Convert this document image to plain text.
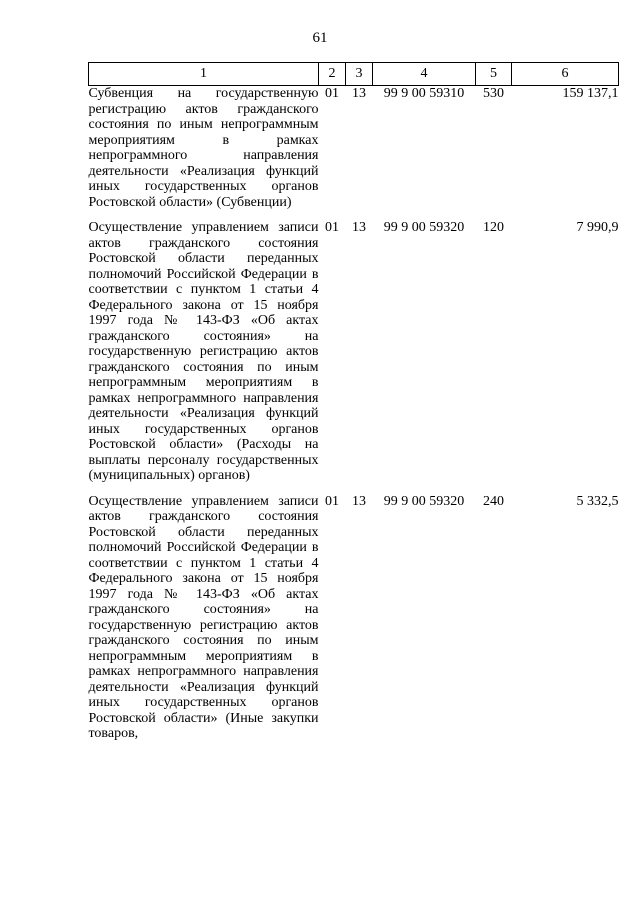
61
1	2	3	4	5	6
Субвенция на государственную регистрацию актов гражданского состояния по иным непрограммным мероприятиям в рамках непрограммного направления деятельности «Реализация функций иных государственных органов Ростовской области» (Субвенции)	01	13	99 9 00 59310	530	159 137,1

Осуществление управлением записи актов гражданского состояния Ростовской области переданных полномочий Российской Федерации в соответствии с пунктом 1 статьи 4 Федерального закона от 15 ноября 1997 года № 143-ФЗ «Об актах гражданского состояния» на государственную регистрацию актов гражданского состояния по иным непрограммным мероприятиям в рамках непрограммного направления деятельности «Реализация функций иных государственных органов Ростовской области» (Расходы на выплаты персоналу государственных (муниципальных) органов)	01	13	99 9 00 59320	120	7 990,9

Осуществление управлением записи актов гражданского состояния Ростовской области переданных полномочий Российской Федерации в соответствии с пунктом 1 статьи 4 Федерального закона от 15 ноября 1997 года № 143-ФЗ «Об актах гражданского состояния» на государственную регистрацию актов гражданского состояния по иным непрограммным мероприятиям в рамках непрограммного направления деятельности «Реализация функций иных государственных органов Ростовской области» (Иные закупки товаров,	01	13	99 9 00 59320	240	5 332,5
